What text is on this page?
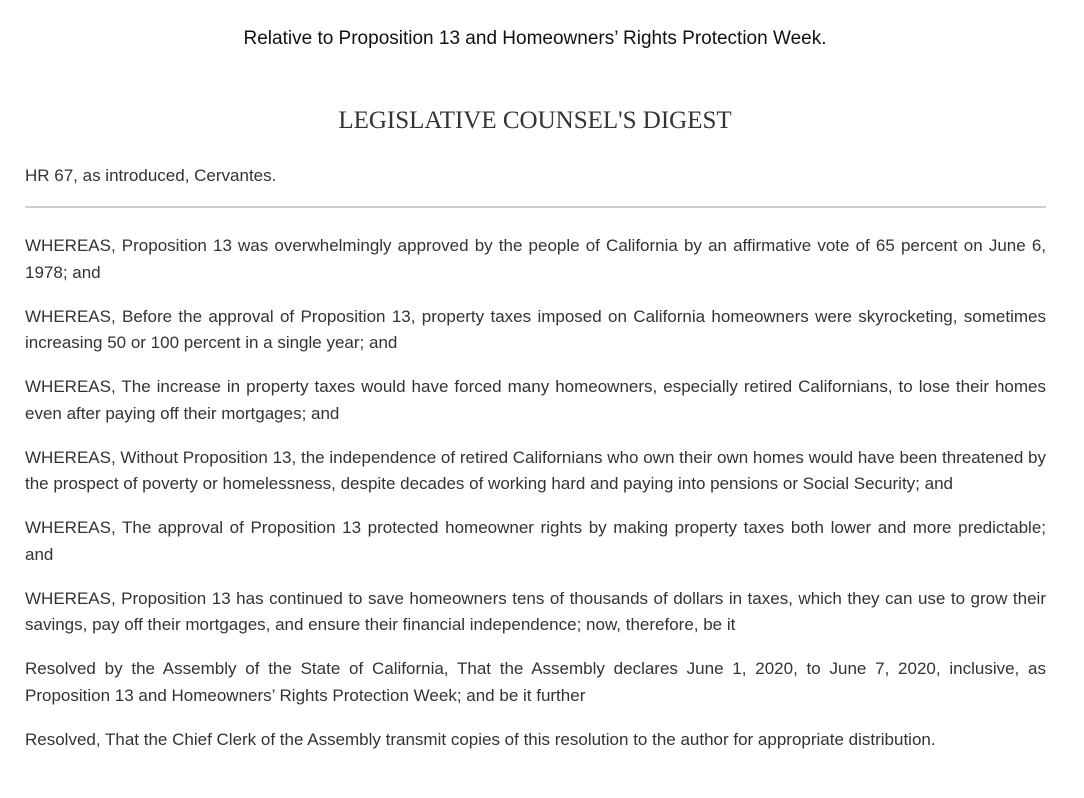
Relative to Proposition 13 and Homeowners’ Rights Protection Week.

LEGISLATIVE COUNSEL'S DIGEST

HR 67, as introduced, Cervantes.

WHEREAS, Proposition 13 was overwhelmingly approved by the people of California by an affirmative vote of 65 percent on June 6, 1978; and

WHEREAS, Before the approval of Proposition 13, property taxes imposed on California homeowners were skyrocketing, sometimes increasing 50 or 100 percent in a single year; and

WHEREAS, The increase in property taxes would have forced many homeowners, especially retired Californians, to lose their homes even after paying off their mortgages; and

WHEREAS, Without Proposition 13, the independence of retired Californians who own their own homes would have been threatened by the prospect of poverty or homelessness, despite decades of working hard and paying into pensions or Social Security; and

WHEREAS, The approval of Proposition 13 protected homeowner rights by making property taxes both lower and more predictable; and

WHEREAS, Proposition 13 has continued to save homeowners tens of thousands of dollars in taxes, which they can use to grow their savings, pay off their mortgages, and ensure their financial independence; now, therefore, be it

Resolved by the Assembly of the State of California, That the Assembly declares June 1, 2020, to June 7, 2020, inclusive, as Proposition 13 and Homeowners’ Rights Protection Week; and be it further

Resolved, That the Chief Clerk of the Assembly transmit copies of this resolution to the author for appropriate distribution.
